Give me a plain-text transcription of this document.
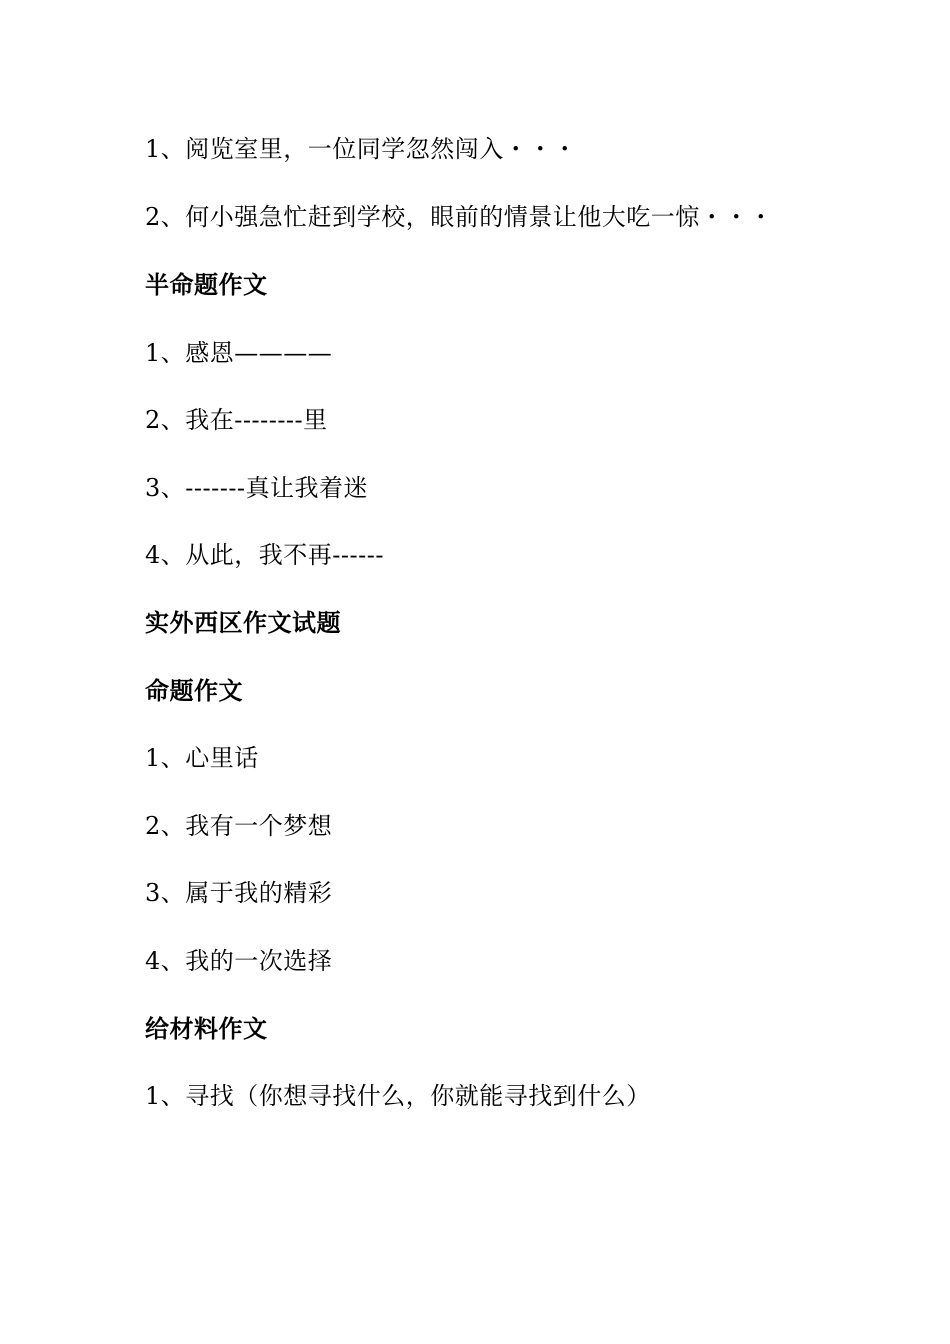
1、阅览室里，一位同学忽然闯入・・・
2、何小强急忙赶到学校，眼前的情景让他大吃一惊・・・
半命题作文
1、感恩————
2、我在--------里
3、-------真让我着迷
4、从此，我不再------
实外西区作文试题
命题作文
1、心里话
2、我有一个梦想
3、属于我的精彩
4、我的一次选择
给材料作文
1、寻找（你想寻找什么，你就能寻找到什么）
